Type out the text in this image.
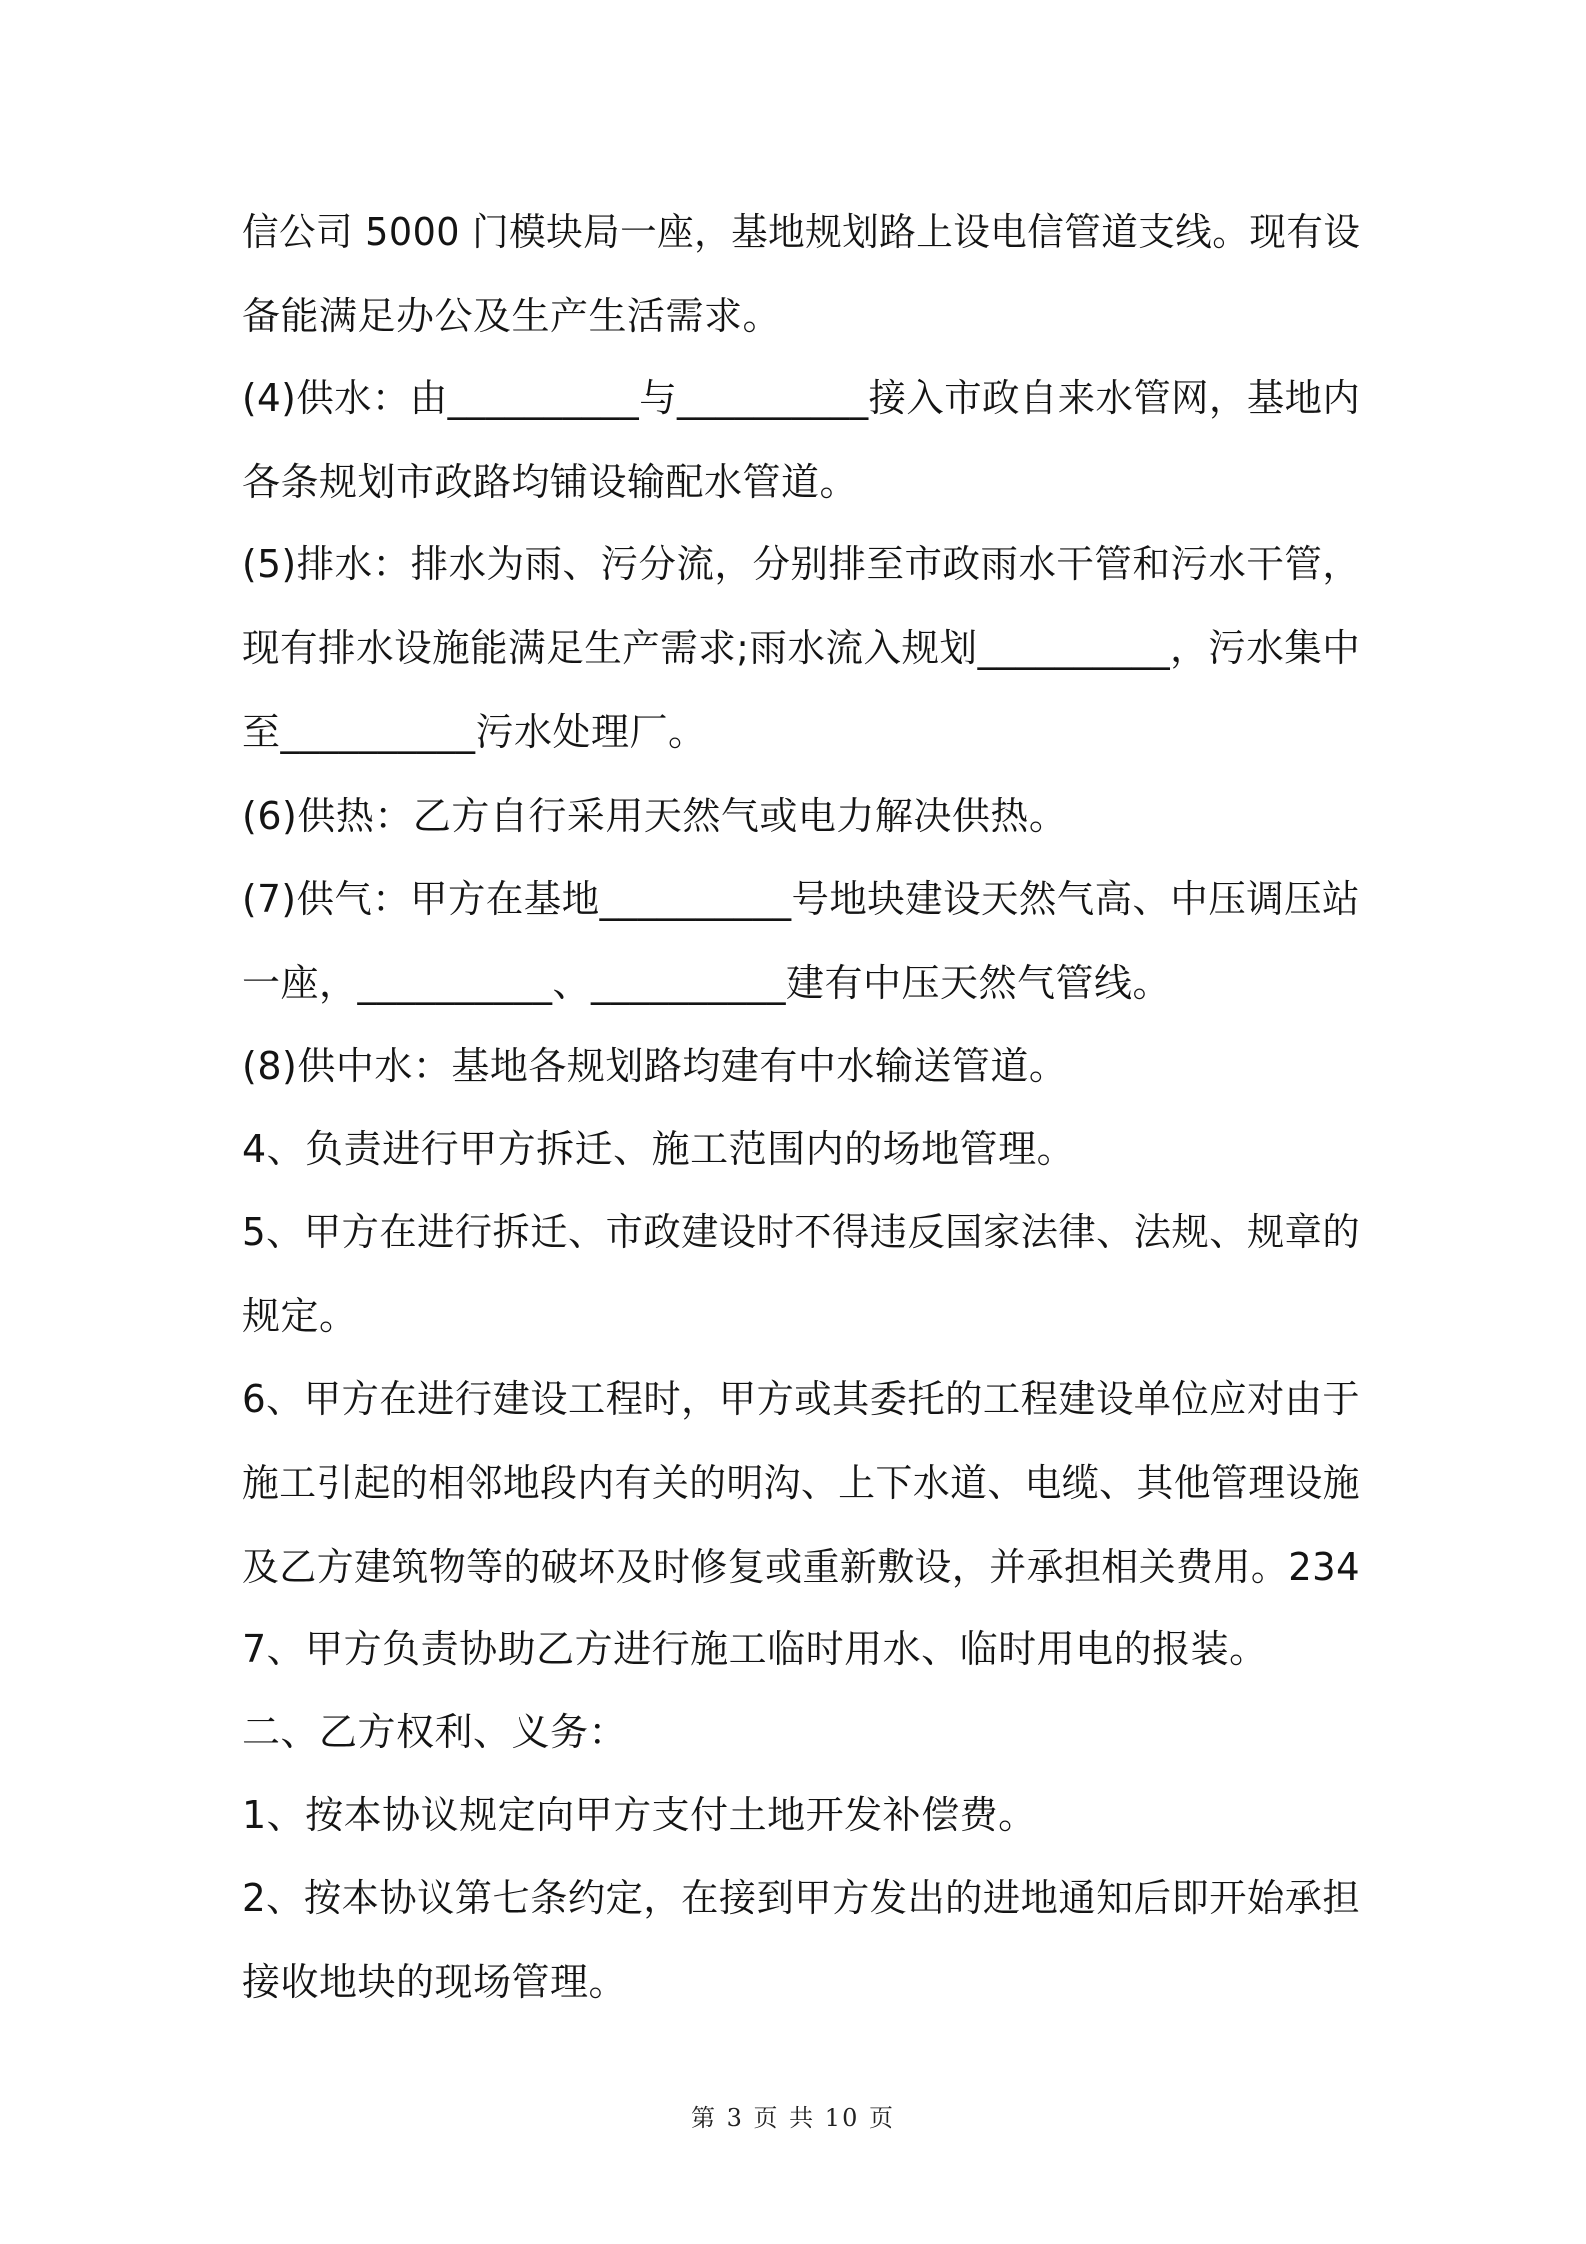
信公司 5000 门模块局一座，基地规划路上设电信管道支线。现有设
备能满足办公及生产生活需求。
(4)供水：由__________与__________接入市政自来水管网，基地内
各条规划市政路均铺设输配水管道。
(5)排水：排水为雨、污分流，分别排至市政雨水干管和污水干管，
现有排水设施能满足生产需求;雨水流入规划__________，污水集中
至__________污水处理厂。
(6)供热：乙方自行采用天然气或电力解决供热。
(7)供气：甲方在基地__________号地块建设天然气高、中压调压站
一座，__________、__________建有中压天然气管线。
(8)供中水：基地各规划路均建有中水输送管道。
4、负责进行甲方拆迁、施工范围内的场地管理。
5、甲方在进行拆迁、市政建设时不得违反国家法律、法规、规章的
规定。
6、甲方在进行建设工程时，甲方或其委托的工程建设单位应对由于
施工引起的相邻地段内有关的明沟、上下水道、电缆、其他管理设施
及乙方建筑物等的破坏及时修复或重新敷设，并承担相关费用。234
7、甲方负责协助乙方进行施工临时用水、临时用电的报装。
二、乙方权利、义务：
1、按本协议规定向甲方支付土地开发补偿费。
2、按本协议第七条约定，在接到甲方发出的进地通知后即开始承担
接收地块的现场管理。
第 3 页 共 10 页
